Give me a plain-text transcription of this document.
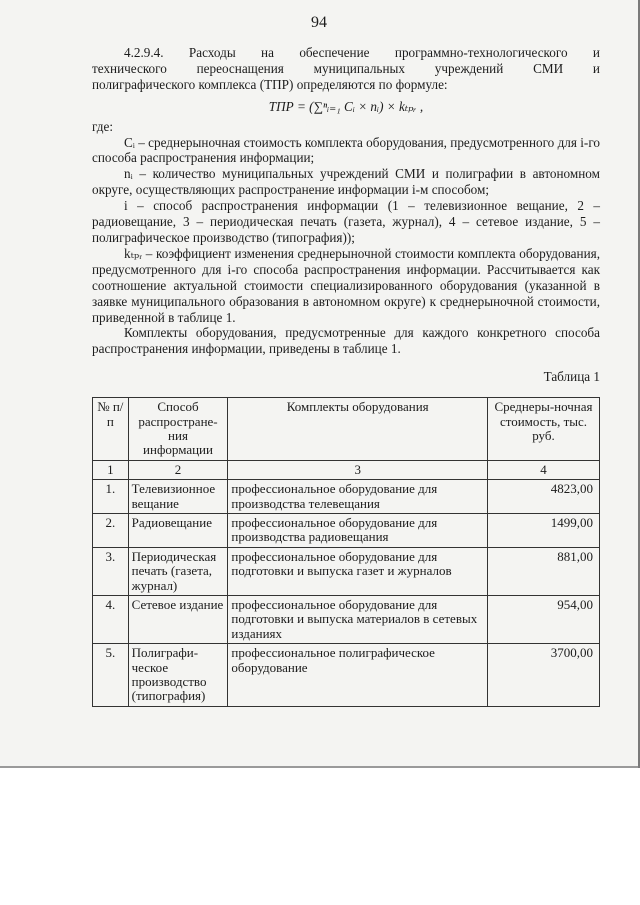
94
4.2.9.4. Расходы на обеспечение программно-технологического и
технического переоснащения муниципальных учреждений СМИ и

полиграфического комплекса (ТПР) определяются по формуле:

ТПР = (∑ⁿᵢ₌₁ Cᵢ × nᵢ) × kₜₚᵣ ,

где:

Cᵢ – среднерыночная стоимость комплекта оборудования, предусмотренного для i-го способа распространения информации;

nᵢ – количество муниципальных учреждений СМИ и полиграфии в автономном округе, осуществляющих распространение информации i-м способом;

i – способ распространения информации (1 – телевизионное вещание, 2 – радиовещание, 3 – периодическая печать (газета, журнал), 4 – сетевое издание, 5 – полиграфическое производство (типография));

kₜₚᵣ – коэффициент изменения среднерыночной стоимости комплекта оборудования, предусмотренного для i-го способа распространения информации. Рассчитывается как соотношение актуальной стоимости специализированного оборудования (указанной в заявке муниципального образования в автономном округе) к среднерыночной стоимости, приведенной в таблице 1.

Комплекты оборудования, предусмотренные для каждого конкретного способа распространения информации, приведены в таблице 1.

Таблица 1
№ п/п	Способ распростране-ния информации	Комплекты оборудования	Среднеры-ночная стоимость, тыс. руб.
1	2	3	4
1.	Телевизионное вещание	профессиональное оборудование для производства телевещания	4823,00
2.	Радиовещание	профессиональное оборудование для производства радиовещания	1499,00
3.	Периодическая печать (газета, журнал)	профессиональное оборудование для подготовки и выпуска газет и журналов	881,00
4.	Сетевое издание	профессиональное оборудование для подготовки и выпуска материалов в сетевых изданиях	954,00
5.	Полиграфи-ческое производство (типография)	профессиональное полиграфическое оборудование	3700,00
